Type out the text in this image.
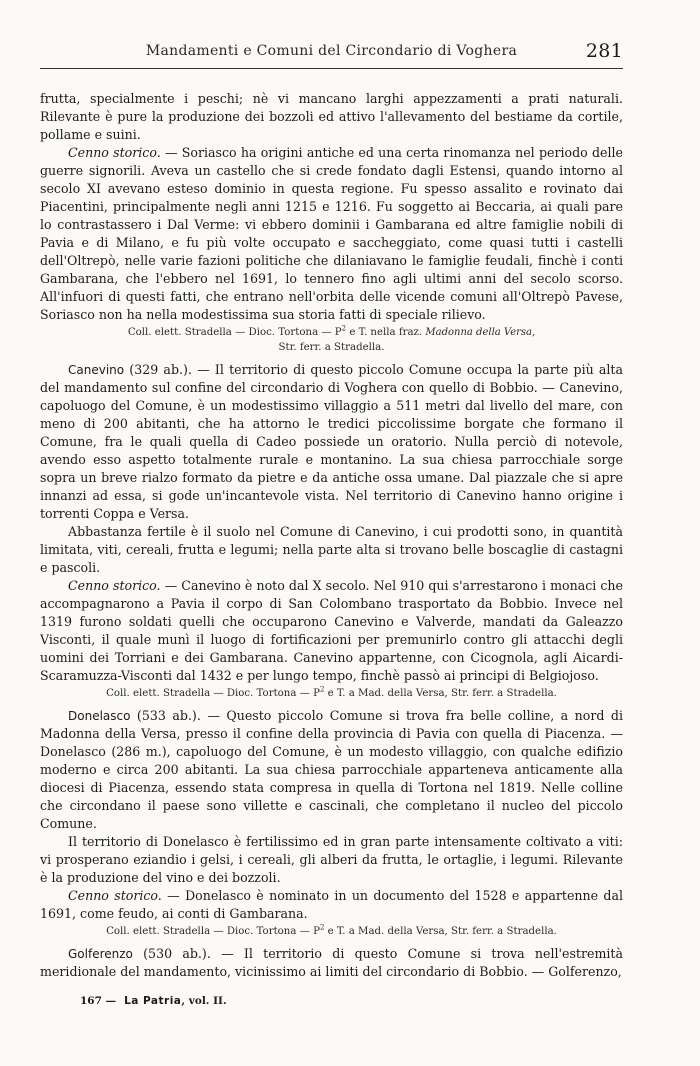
Mandamenti e Comuni del Circondario di Voghera	281

frutta, specialmente i peschi; nè vi mancano larghi appezzamenti a prati naturali. Rilevante è pure la produzione dei bozzoli ed attivo l'allevamento del bestiame da cortile, pollame e suini.

Cenno storico. — Soriasco ha origini antiche ed una certa rinomanza nel periodo delle guerre signorili. Aveva un castello che si crede fondato dagli Estensi, quando intorno al secolo XI avevano esteso dominio in questa regione. Fu spesso assalito e rovinato dai Piacentini, principalmente negli anni 1215 e 1216. Fu soggetto ai Beccaria, ai quali pare lo contrastassero i Dal Verme: vi ebbero dominii i Gambarana ed altre famiglie nobili di Pavia e di Milano, e fu più volte occupato e saccheggiato, come quasi tutti i castelli dell'Oltrepò, nelle varie fazioni politiche che dilaniavano le famiglie feudali, finchè i conti Gambarana, che l'ebbero nel 1691, lo tennero fino agli ultimi anni del secolo scorso. All'infuori di questi fatti, che entrano nell'orbita delle vicende comuni all'Oltrepò Pavese, Soriasco non ha nella modestissima sua storia fatti di speciale rilievo.

Coll. elett. Stradella — Dioc. Tortona — $P^2$ e T. nella fraz. Madonna della Versa,
Str. ferr. a Stradella.

Canevino (329 ab.). — Il territorio di questo piccolo Comune occupa la parte più alta del mandamento sul confine del circondario di Voghera con quello di Bobbio. — Canevino, capoluogo del Comune, è un modestissimo villaggio a 511 metri dal livello del mare, con meno di 200 abitanti, che ha attorno le tredici piccolissime borgate che formano il Comune, fra le quali quella di Cadeo possiede un oratorio. Nulla perciò di notevole, avendo esso aspetto totalmente rurale e montanino. La sua chiesa parrocchiale sorge sopra un breve rialzo formato da pietre e da antiche ossa umane. Dal piazzale che si apre innanzi ad essa, si gode un'incantevole vista. Nel territorio di Canevino hanno origine i torrenti Coppa e Versa.

Abbastanza fertile è il suolo nel Comune di Canevino, i cui prodotti sono, in quantità limitata, viti, cereali, frutta e legumi; nella parte alta si trovano belle boscaglie di castagni e pascoli.

Cenno storico. — Canevino è noto dal X secolo. Nel 910 qui s'arrestarono i monaci che accompagnarono a Pavia il corpo di San Colombano trasportato da Bobbio. Invece nel 1319 furono soldati quelli che occuparono Canevino e Valverde, mandati da Galeazzo Visconti, il quale munì il luogo di fortificazioni per premunirlo contro gli attacchi degli uomini dei Torriani e dei Gambarana. Canevino appartenne, con Cicognola, agli Aicardi-Scaramuzza-Visconti dal 1432 e per lungo tempo, finchè passò ai principi di Belgiojoso.

Coll. elett. Stradella — Dioc. Tortona — $P^2$ e T. a Mad. della Versa, Str. ferr. a Stradella.

Donelasco (533 ab.). — Questo piccolo Comune si trova fra belle colline, a nord di Madonna della Versa, presso il confine della provincia di Pavia con quella di Piacenza. — Donelasco (286 m.), capoluogo del Comune, è un modesto villaggio, con qualche edifizio moderno e circa 200 abitanti. La sua chiesa parrocchiale apparteneva anticamente alla diocesi di Piacenza, essendo stata compresa in quella di Tortona nel 1819. Nelle colline che circondano il paese sono villette e cascinali, che completano il nucleo del piccolo Comune.

Il territorio di Donelasco è fertilissimo ed in gran parte intensamente coltivato a viti: vi prosperano eziandio i gelsi, i cereali, gli alberi da frutta, le ortaglie, i legumi. Rilevante è la produzione del vino e dei bozzoli.

Cenno storico. — Donelasco è nominato in un documento del 1528 e appartenne dal 1691, come feudo, ai conti di Gambarana.

Coll. elett. Stradella — Dioc. Tortona — $P^2$ e T. a Mad. della Versa, Str. ferr. a Stradella.

Golferenzo (530 ab.). — Il territorio di questo Comune si trova nell'estremità meridionale del mandamento, vicinissimo ai limiti del circondario di Bobbio. — Golferenzo,

167 — La Patria, vol. II.
